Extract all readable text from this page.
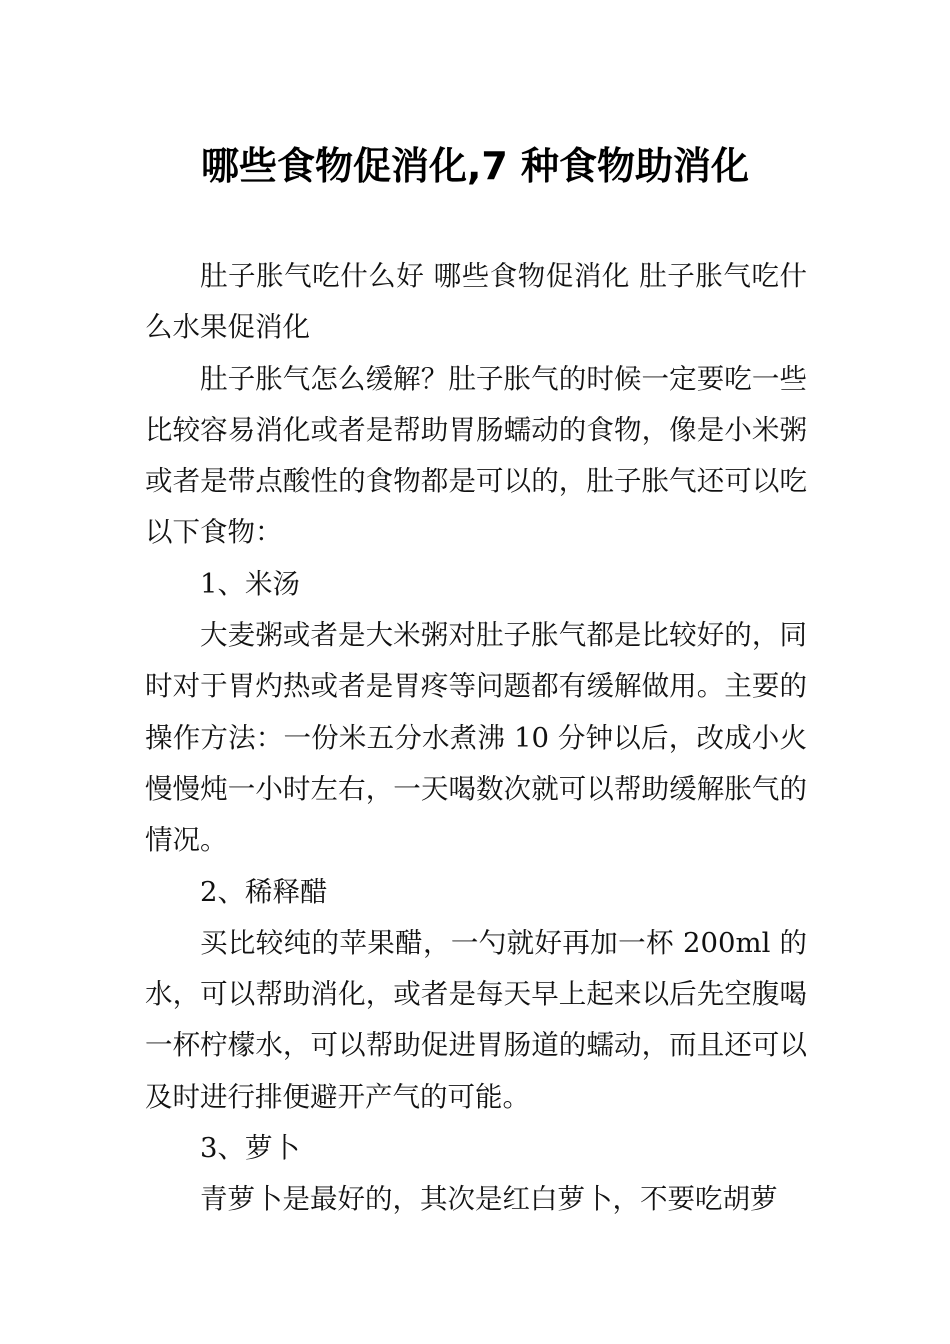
哪些食物促消化,7 种食物助消化

肚子胀气吃什么好 哪些食物促消化 肚子胀气吃什么水果促消化

肚子胀气怎么缓解？肚子胀气的时候一定要吃一些比较容易消化或者是帮助胃肠蠕动的食物，像是小米粥或者是带点酸性的食物都是可以的，肚子胀气还可以吃以下食物：

1、米汤

大麦粥或者是大米粥对肚子胀气都是比较好的，同时对于胃灼热或者是胃疼等问题都有缓解做用。主要的操作方法：一份米五分水煮沸 10 分钟以后，改成小火慢慢炖一小时左右，一天喝数次就可以帮助缓解胀气的情况。

2、稀释醋

买比较纯的苹果醋，一勺就好再加一杯 200ml 的水，可以帮助消化，或者是每天早上起来以后先空腹喝一杯柠檬水，可以帮助促进胃肠道的蠕动，而且还可以及时进行排便避开产气的可能。

3、萝卜

青萝卜是最好的，其次是红白萝卜，不要吃胡萝
